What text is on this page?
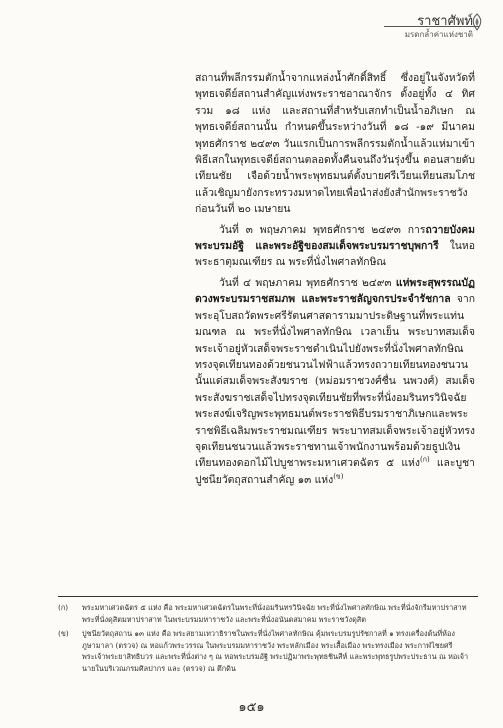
ราชาศัพท์
มรดกล้ำค่าแห่งชาติ

สถานที่พลีกรรมตักน้ำจากแหล่งน้ำศักดิ์สิทธิ์ ซึ่งอยู่ในจังหวัดที่พุทธเจดีย์สถานสำคัญแห่งพระราชอาณาจักร ตั้งอยู่ทั้ง ๔ ทิศ รวม ๑๘ แห่ง และสถานที่สำหรับเสกทำเป็นน้ำอภิเษก ณ พุทธเจดีย์สถานนั้น กำหนดขึ้นระหว่างวันที่ ๑๘ -๑๙ มีนาคม พุทธศักราช ๒๔๙๓ วันแรกเป็นการพลีกรรมตักน้ำแล้วแห่มาเข้าพิธีเสกในพุทธเจดีย์สถานตลอดทั้งคืนจนถึงวันรุ่งขึ้น ตอนสายดับเทียนชัย เจือด้วยน้ำพระพุทธมนต์ตั้งบายศรีเวียนเทียนสมโภชแล้วเชิญมายังกระทรวงมหาดไทยเพื่อนำส่งยังสำนักพระราชวังก่อนวันที่ ๒๐ เมษายน

วันที่ ๓ พฤษภาคม พุทธศักราช ๒๔๙๓ การถวายบังคมพระบรมอัฐิ และพระอัฐิของสมเด็จพระบรมราชบุพการี ในหอพระธาตุมณเฑียร ณ พระที่นั่งไพศาลทักษิณ

วันที่ ๔ พฤษภาคม พุทธศักราช ๒๔๙๓ แห่พระสุพรรณบัฏ ดวงพระบรมราชสมภพ และพระราชลัญจกรประจำรัชกาล จากพระอุโบสถวัดพระศรีรัตนศาสดารามมาประดิษฐานที่พระแท่นมณฑล ณ พระที่นั่งไพศาลทักษิณ เวลาเย็น พระบาทสมเด็จพระเจ้าอยู่หัวเสด็จพระราชดำเนินไปยังพระที่นั่งไพศาลทักษิณ ทรงจุดเทียนทองด้วยชนวนไฟฟ้าแล้วทรงถวายเทียนทองชนวนนั้นแด่สมเด็จพระสังฆราช (หม่อมราชวงศ์ชื่น นพวงศ์) สมเด็จพระสังฆราชเสด็จไปทรงจุดเทียนชัยที่พระที่นั่งอมรินทรวินิจฉัย พระสงฆ์เจริญพระพุทธมนต์พระราชพิธีบรมราชาภิเษกและพระราชพิธีเฉลิมพระราชมณเฑียร พระบาทสมเด็จพระเจ้าอยู่หัวทรงจุดเทียนชนวนแล้วพระราชทานเจ้าพนักงานพร้อมด้วยธูปเงินเทียนทองดอกไม้ไปบูชาพระมหาเศวตฉัตร ๕ แห่ง$^{(ก)}$ และบูชาปูชนียวัตถุสถานสำคัญ ๑๓ แห่ง$^{(ข)}$

(ก)	พระมหาเศวตฉัตร ๕ แห่ง คือ พระมหาเศวตฉัตรในพระที่นั่งอมรินทรวินิจฉัย พระที่นั่งไพศาลทักษิณ พระที่นั่งจักรีมหาปราสาท พระที่นั่งดุสิตมหาปราสาท ในพระบรมมหาราชวัง และพระที่นั่งอนันตสมาคม พระราชวังดุสิต
(ข)	ปูชนียวัตถุสถาน ๑๓ แห่ง คือ พระสยามเทวาธิราชในพระที่นั่งไพศาลทักษิณ คุ้มพระบรมรูปรัชกาลที่ ๑ ทรงเครื่องต้นที่ห้องภูษามาลา (ตรวจ) ณ หอแก้วพระวรรณ ในพระบรมมหาราชวัง พระหลักเมือง พระเสื้อเมือง พระทรงเมือง พระกาฬไชยศรี พระเจ้าพระยาสิทธิบวร และพระที่นั่งต่าง ๆ ณ หอพระบรมอัฐิ พระปฏิมาพระพุทธชินสีห์ และพระพุทธรูปพระประธาน ณ หอเจ้านายในบริเวณกรมศิลปากร และ (ตรวจ) ณ ตึกดิน
๑๕๑
